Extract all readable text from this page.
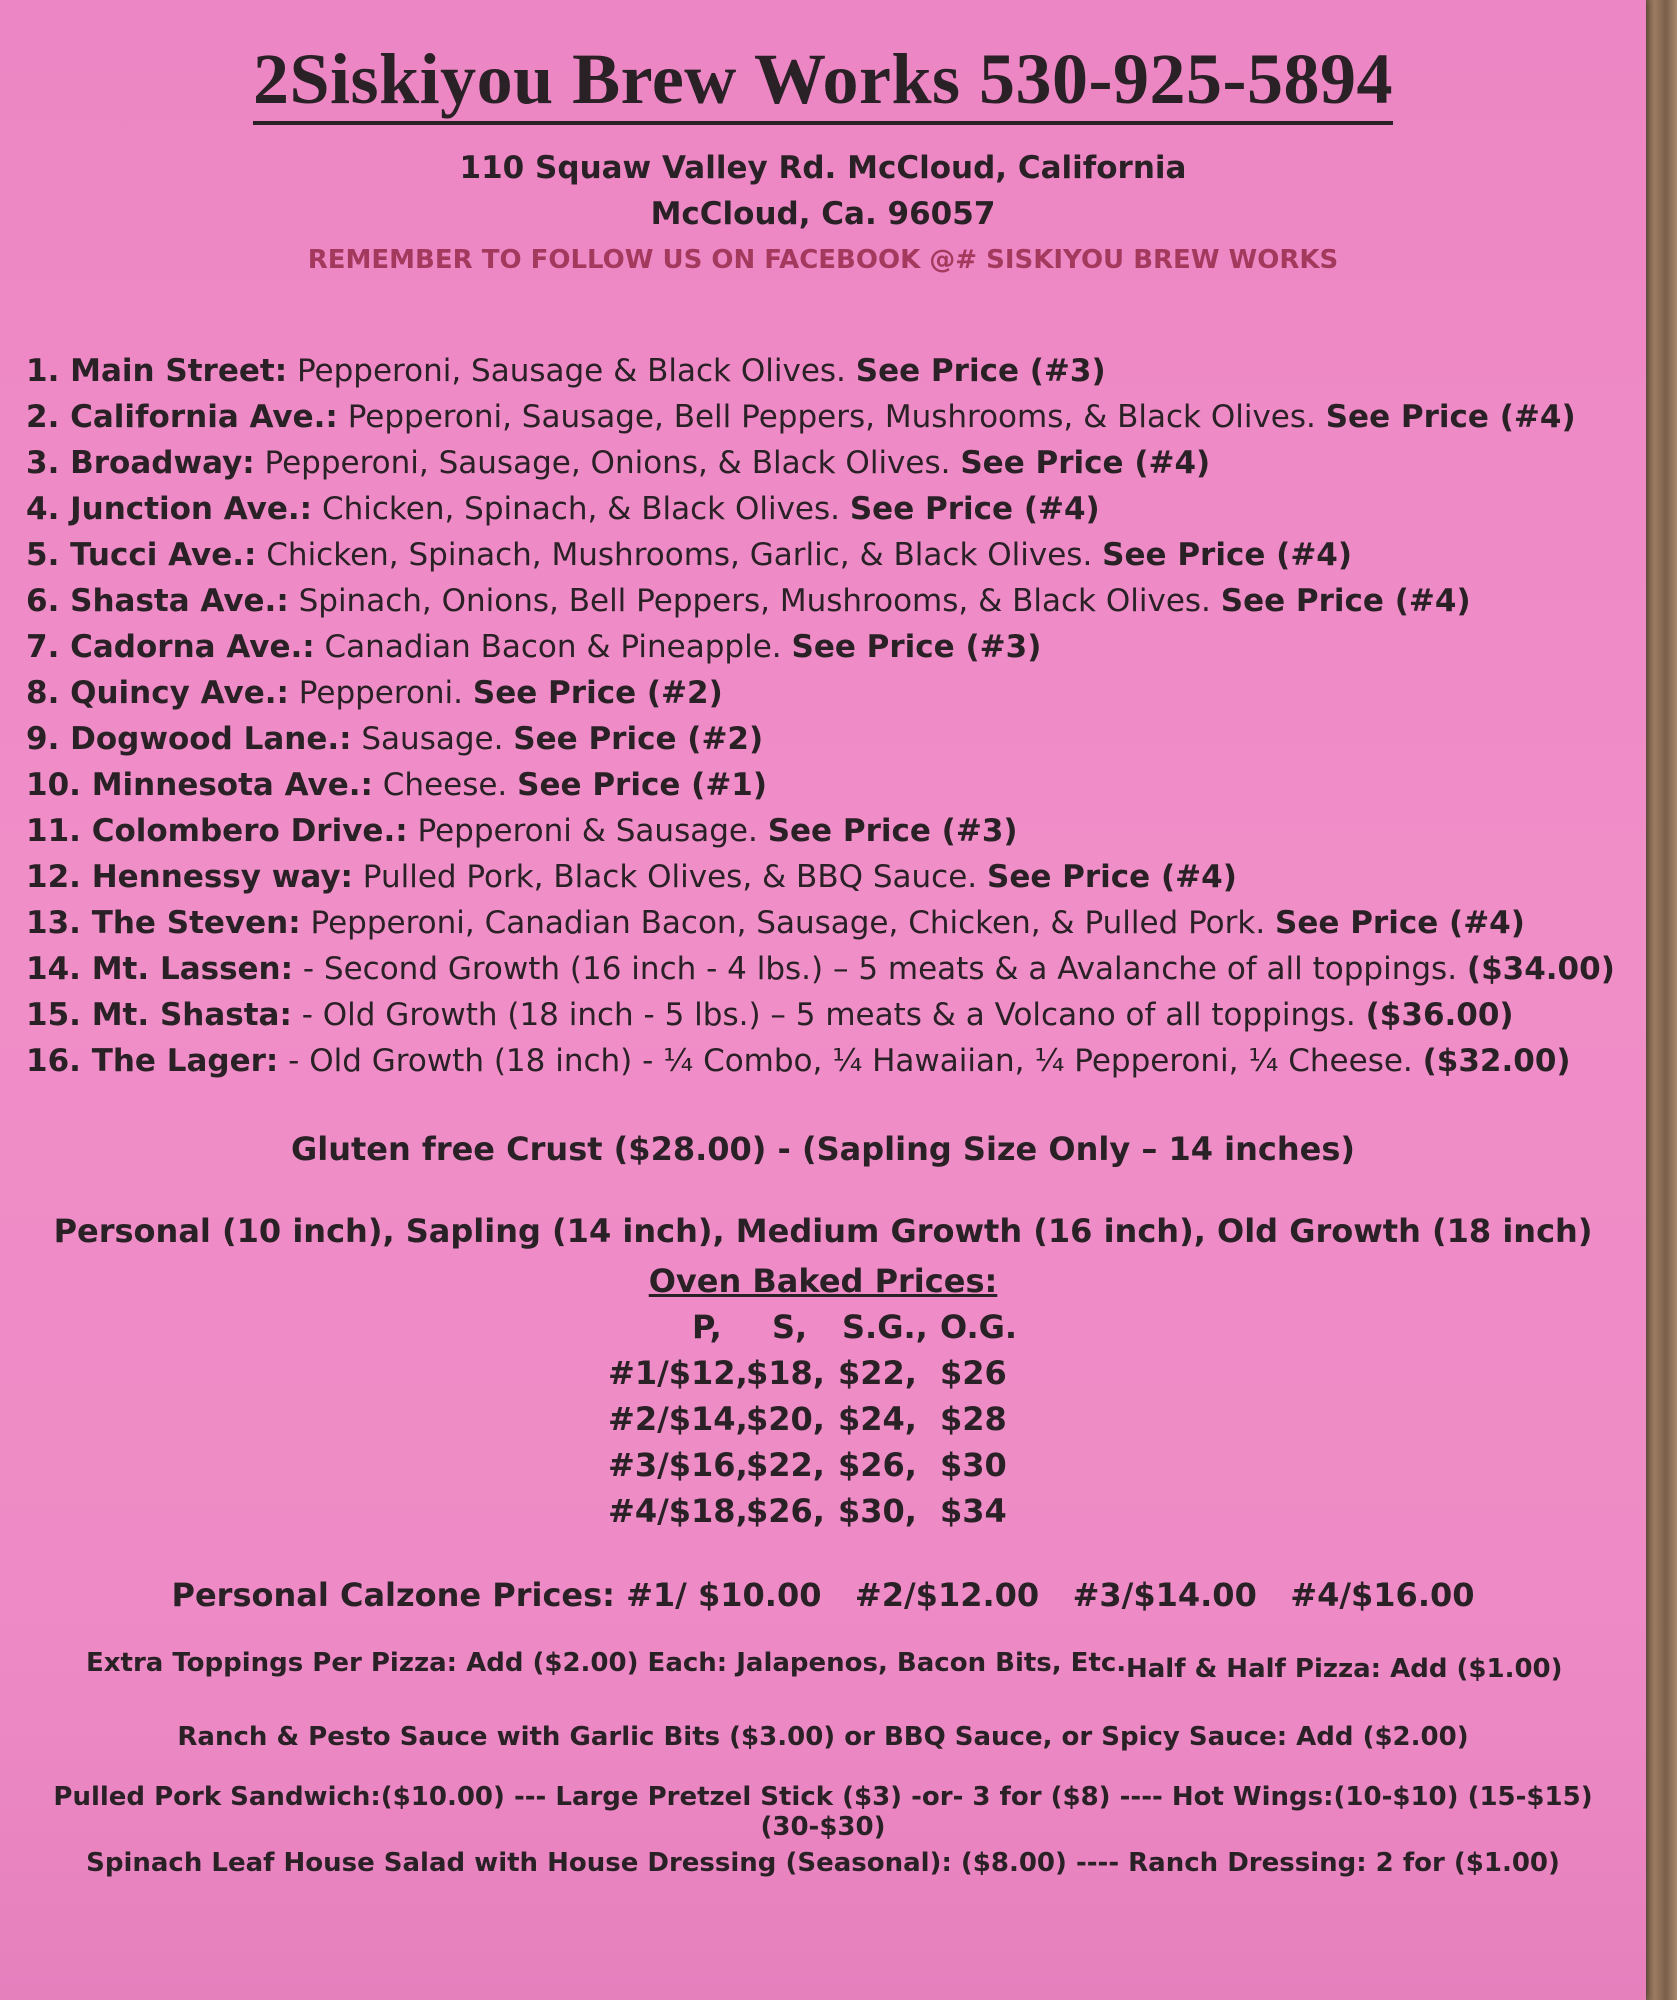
2Siskiyou Brew Works 530-925-5894
110 Squaw Valley Rd. McCloud, California
McCloud, Ca. 96057
REMEMBER TO FOLLOW US ON FACEBOOK @# SISKIYOU BREW WORKS
1. Main Street: Pepperoni, Sausage & Black Olives. See Price (#3)
2. California Ave.: Pepperoni, Sausage, Bell Peppers, Mushrooms, & Black Olives. See Price (#4)
3. Broadway: Pepperoni, Sausage, Onions, & Black Olives. See Price (#4)
4. Junction Ave.: Chicken, Spinach, & Black Olives. See Price (#4)
5. Tucci Ave.: Chicken, Spinach, Mushrooms, Garlic, & Black Olives. See Price (#4)
6. Shasta Ave.: Spinach, Onions, Bell Peppers, Mushrooms, & Black Olives. See Price (#4)
7. Cadorna Ave.: Canadian Bacon & Pineapple. See Price (#3)
8. Quincy Ave.: Pepperoni. See Price (#2)
9. Dogwood Lane.: Sausage. See Price (#2)
10. Minnesota Ave.: Cheese. See Price (#1)
11. Colombero Drive.: Pepperoni & Sausage. See Price (#3)
12. Hennessy way: Pulled Pork, Black Olives, & BBQ Sauce. See Price (#4)
13. The Steven: Pepperoni, Canadian Bacon, Sausage, Chicken, & Pulled Pork. See Price (#4)
14. Mt. Lassen: - Second Growth (16 inch - 4 lbs.) – 5 meats & a Avalanche of all toppings. ($34.00)
15. Mt. Shasta: - Old Growth (18 inch - 5 lbs.) – 5 meats & a Volcano of all toppings. ($36.00)
16. The Lager: - Old Growth (18 inch) - ¼ Combo, ¼ Hawaiian, ¼ Pepperoni, ¼ Cheese. ($32.00)
Gluten free Crust ($28.00) - (Sapling Size Only – 14 inches)
Personal (10 inch), Sapling (14 inch), Medium Growth (16 inch), Old Growth (18 inch)
Oven Baked Prices:
P, S, S.G., O.G.
#1/$12,
$18, $22, $26
#2/$14,
$20, $24, $28
#3/$16,
$22, $26, $30
#4/$18,
$26, $30, $34
Personal Calzone Prices: #1/ $10.00   #2/$12.00   #3/$14.00   #4/$16.00
Extra Toppings Per Pizza: Add ($2.00) Each: Jalapenos, Bacon Bits, Etc. Half & Half Pizza: Add ($1.00)
Ranch & Pesto Sauce with Garlic Bits ($3.00) or BBQ Sauce, or Spicy Sauce: Add ($2.00)
Pulled Pork Sandwich:($10.00) --- Large Pretzel Stick ($3) -or- 3 for ($8) ---- Hot Wings:(10-$10) (15-$15) (30-$30)
Spinach Leaf House Salad with House Dressing (Seasonal): ($8.00) ---- Ranch Dressing: 2 for ($1.00)
